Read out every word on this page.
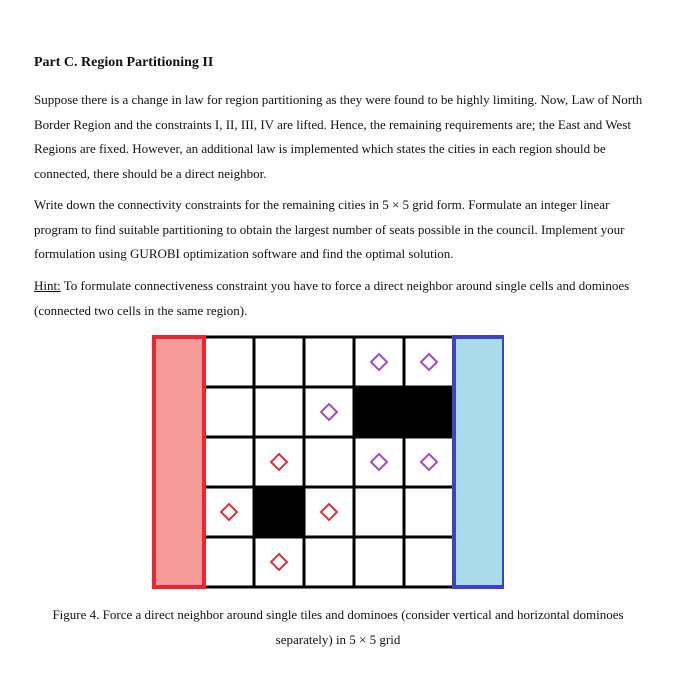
Part C. Region Partitioning II

Suppose there is a change in law for region partitioning as they were found to be highly limiting. Now, Law of North Border Region and the constraints I, II, III, IV are lifted. Hence, the remaining requirements are; the East and West Regions are fixed. However, an additional law is implemented which states the cities in each region should be connected, there should be a direct neighbor.

Write down the connectivity constraints for the remaining cities in 5 × 5 grid form. Formulate an integer linear program to find suitable partitioning to obtain the largest number of seats possible in the council. Implement your formulation using GUROBI optimization software and find the optimal solution.

Hint: To formulate connectiveness constraint you have to force a direct neighbor around single cells and dominoes (connected two cells in the same region).

Figure 4. Force a direct neighbor around single tiles and dominoes (consider vertical and horizontal dominoes separately) in 5 × 5 grid
